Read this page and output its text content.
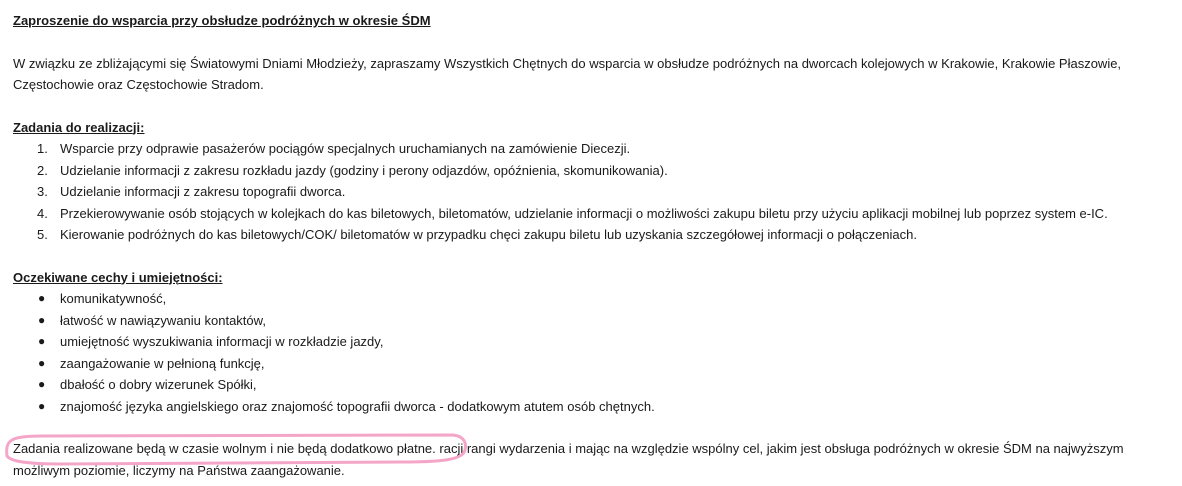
Zaproszenie do wsparcia przy obsłudze podróżnych w okresie ŚDM
W związku ze zbliżającymi się Światowymi Dniami Młodzieży, zapraszamy Wszystkich Chętnych do wsparcia w obsłudze podróżnych na dworcach kolejowych w Krakowie, Krakowie Płaszowie, Częstochowie oraz Częstochowie Stradom.
Zadania do realizacji:
1. Wsparcie przy odprawie pasażerów pociągów specjalnych uruchamianych na zamówienie Diecezji.
2. Udzielanie informacji z zakresu rozkładu jazdy (godziny i perony odjazdów, opóźnienia, skomunikowania).
3. Udzielanie informacji z zakresu topografii dworca.
4. Przekierowywanie osób stojących w kolejkach do kas biletowych, biletomatów, udzielanie informacji o możliwości zakupu biletu przy użyciu aplikacji mobilnej lub poprzez system e-IC.
5. Kierowanie podróżnych do kas biletowych/COK/ biletomatów w przypadku chęci zakupu biletu lub uzyskania szczegółowej informacji o połączeniach.
Oczekiwane cechy i umiejętności:
● komunikatywność,
● łatwość w nawiązywaniu kontaktów,
● umiejętność wyszukiwania informacji w rozkładzie jazdy,
● zaangażowanie w pełnioną funkcję,
● dbałość o dobry wizerunek Spółki,
● znajomość języka angielskiego oraz znajomość topografii dworca - dodatkowym atutem osób chętnych.
Zadania realizowane będą w czasie wolnym i nie będą dodatkowo płatne. racji rangi wydarzenia i mając na względzie wspólny cel, jakim jest obsługa podróżnych w okresie ŚDM na najwyższym możliwym poziomie, liczymy na Państwa zaangażowanie.
